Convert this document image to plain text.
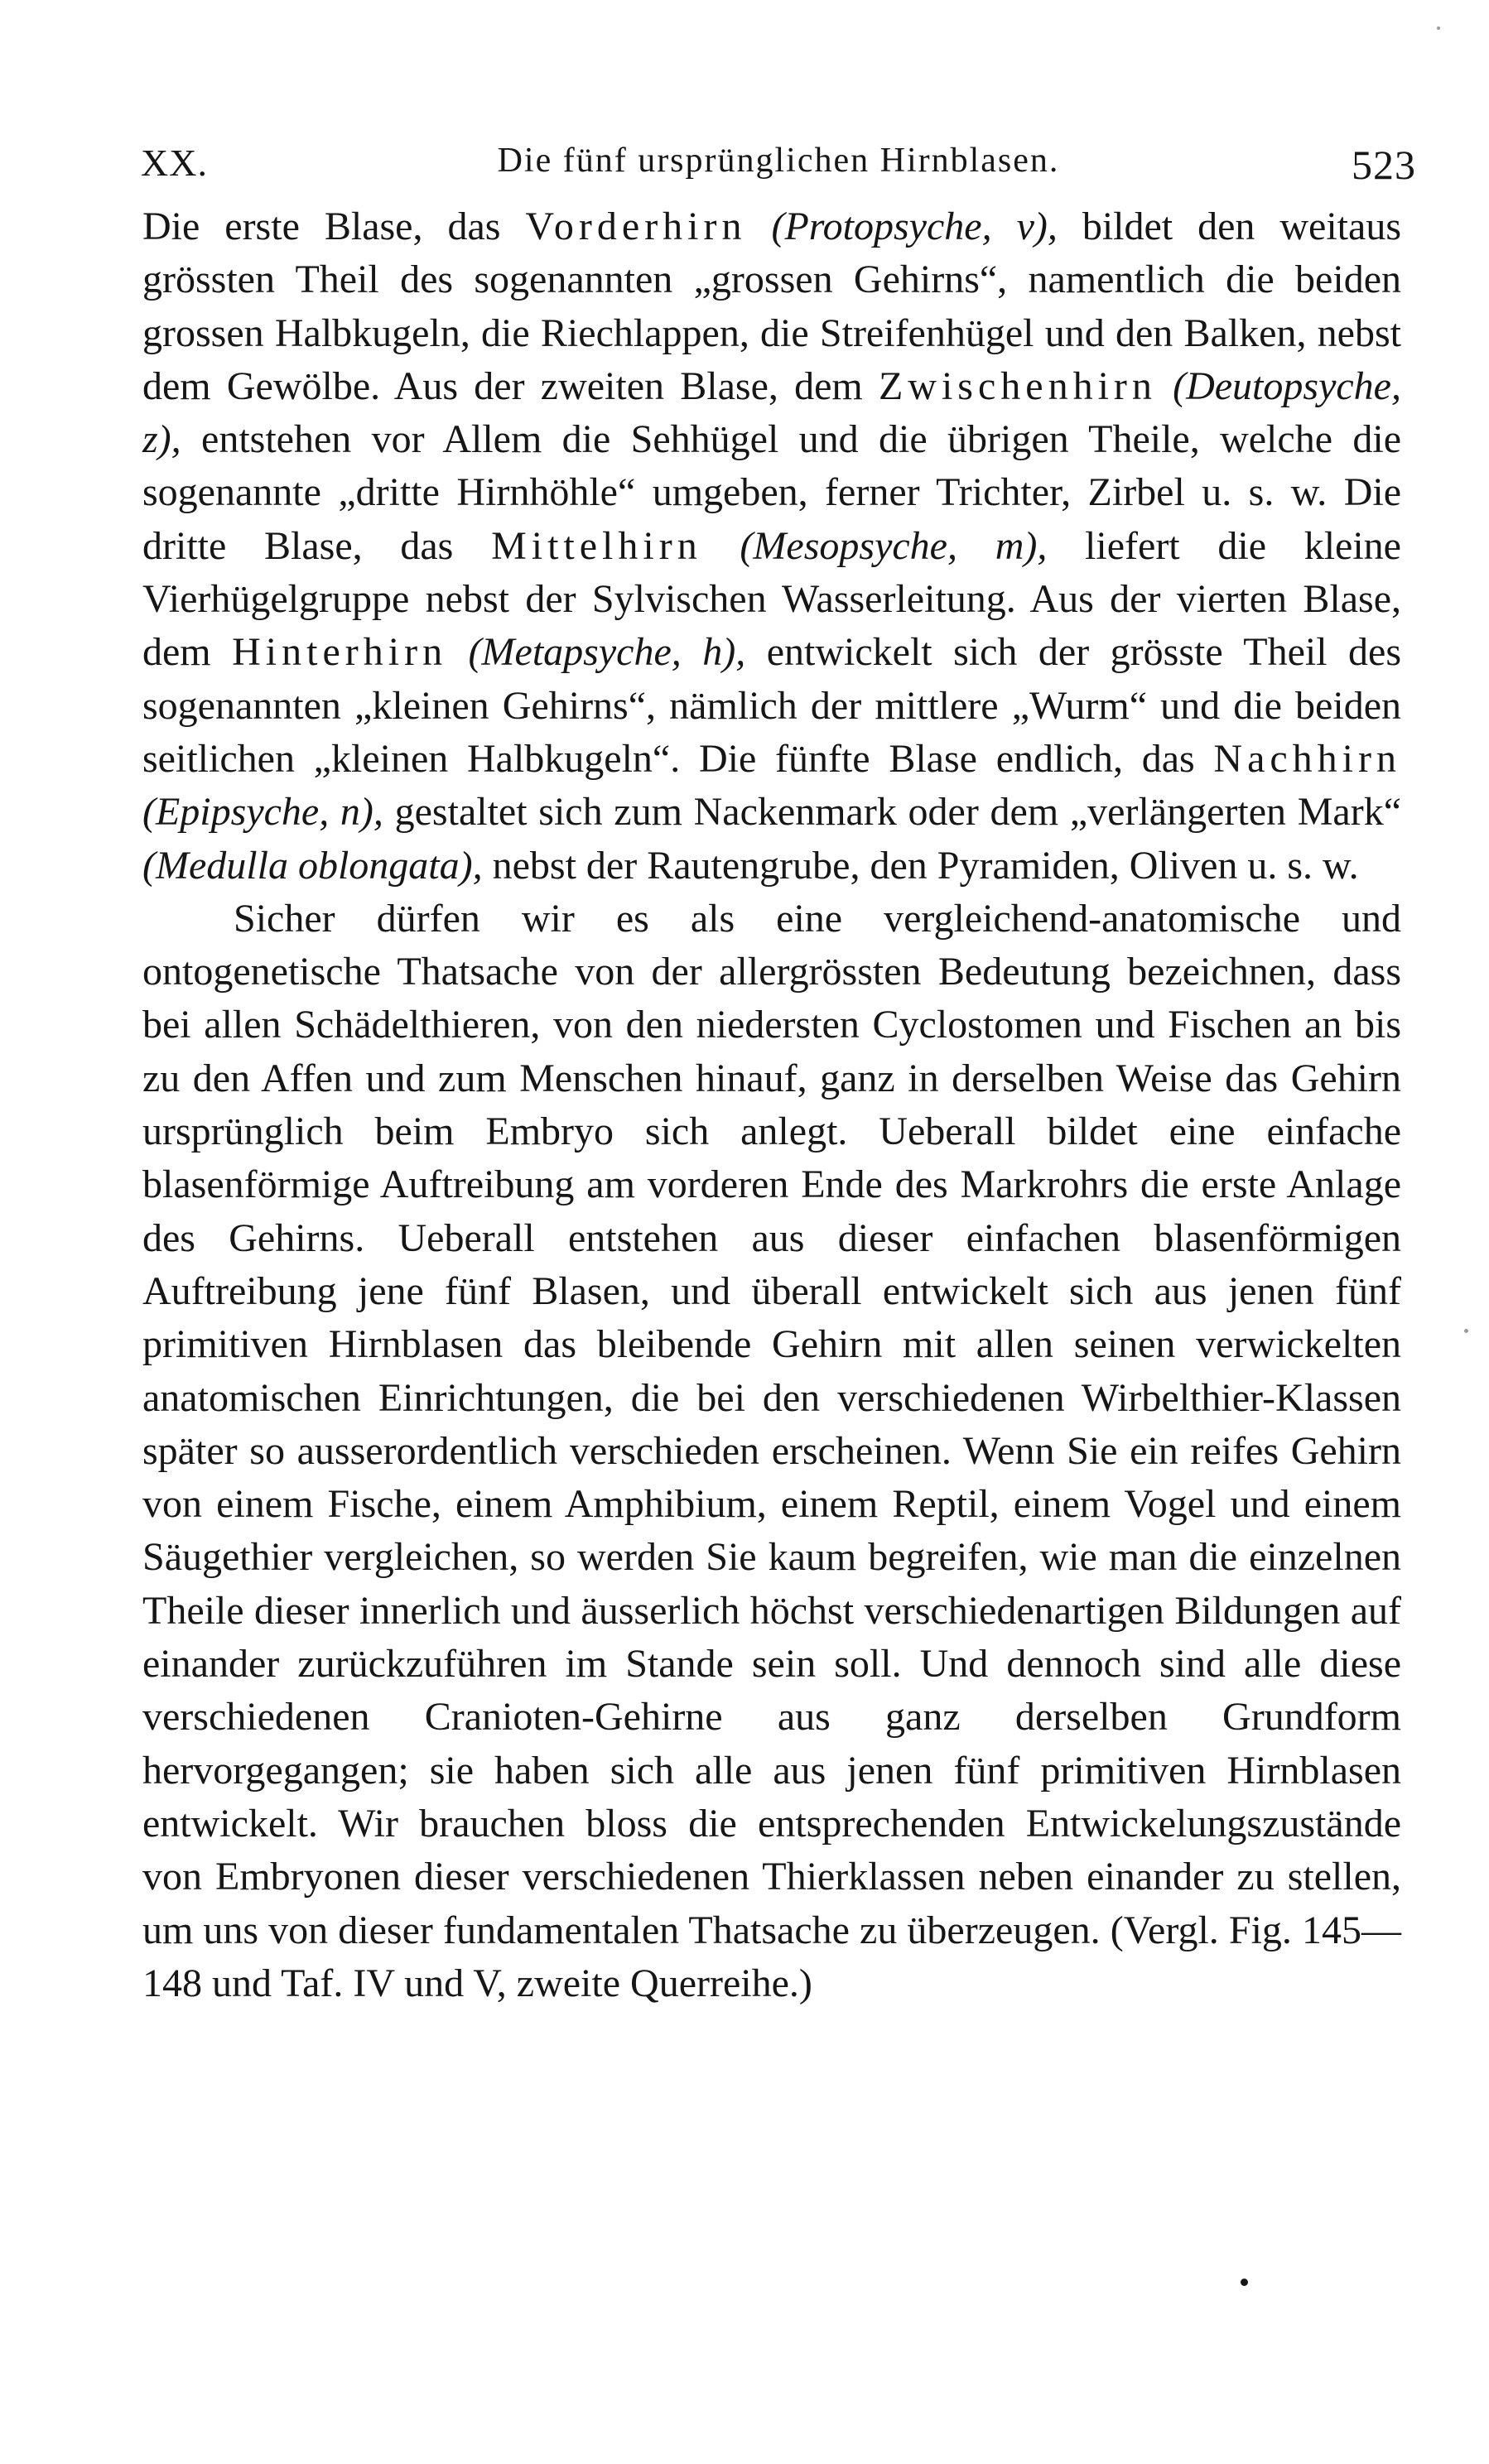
XX.	Die fünf ursprünglichen Hirnblasen.	523

Die erste Blase, das Vorderhirn (Protopsyche, v), bildet den weitaus grössten Theil des sogenannten „grossen Gehirns“, namentlich die beiden grossen Halbkugeln, die Riechlappen, die Streifenhügel und den Balken, nebst dem Gewölbe. Aus der zweiten Blase, dem Zwischenhirn (Deutopsyche, z), entstehen vor Allem die Sehhügel und die übrigen Theile, welche die sogenannte „dritte Hirnhöhle“ umgeben, ferner Trichter, Zirbel u. s. w. Die dritte Blase, das Mittelhirn (Mesopsyche, m), liefert die kleine Vierhügelgruppe nebst der Sylvischen Wasserleitung. Aus der vierten Blase, dem Hinterhirn (Metapsyche, h), entwickelt sich der grösste Theil des sogenannten „kleinen Gehirns“, nämlich der mittlere „Wurm“ und die beiden seitlichen „kleinen Halbkugeln“. Die fünfte Blase endlich, das Nachhirn (Epipsyche, n), gestaltet sich zum Nackenmark oder dem „verlängerten Mark“ (Medulla oblongata), nebst der Rautengrube, den Pyramiden, Oliven u. s. w.

Sicher dürfen wir es als eine vergleichend-anatomische und ontogenetische Thatsache von der allergrössten Bedeutung bezeichnen, dass bei allen Schädelthieren, von den niedersten Cyclostomen und Fischen an bis zu den Affen und zum Menschen hinauf, ganz in derselben Weise das Gehirn ursprünglich beim Embryo sich anlegt. Ueberall bildet eine einfache blasenförmige Auftreibung am vorderen Ende des Markrohrs die erste Anlage des Gehirns. Ueberall entstehen aus dieser einfachen blasenförmigen Auftreibung jene fünf Blasen, und überall entwickelt sich aus jenen fünf primitiven Hirnblasen das bleibende Gehirn mit allen seinen verwickelten anatomischen Einrichtungen, die bei den verschiedenen Wirbelthier-Klassen später so ausserordentlich verschieden erscheinen. Wenn Sie ein reifes Gehirn von einem Fische, einem Amphibium, einem Reptil, einem Vogel und einem Säugethier vergleichen, so werden Sie kaum begreifen, wie man die einzelnen Theile dieser innerlich und äusserlich höchst verschiedenartigen Bildungen auf einander zurückzuführen im Stande sein soll. Und dennoch sind alle diese verschiedenen Cranioten-Gehirne aus ganz derselben Grundform hervorgegangen; sie haben sich alle aus jenen fünf primitiven Hirnblasen entwickelt. Wir brauchen bloss die entsprechenden Entwickelungszustände von Embryonen dieser verschiedenen Thierklassen neben einander zu stellen, um uns von dieser fundamentalen Thatsache zu überzeugen. (Vergl. Fig. 145—148 und Taf. IV und V, zweite Querreihe.)
